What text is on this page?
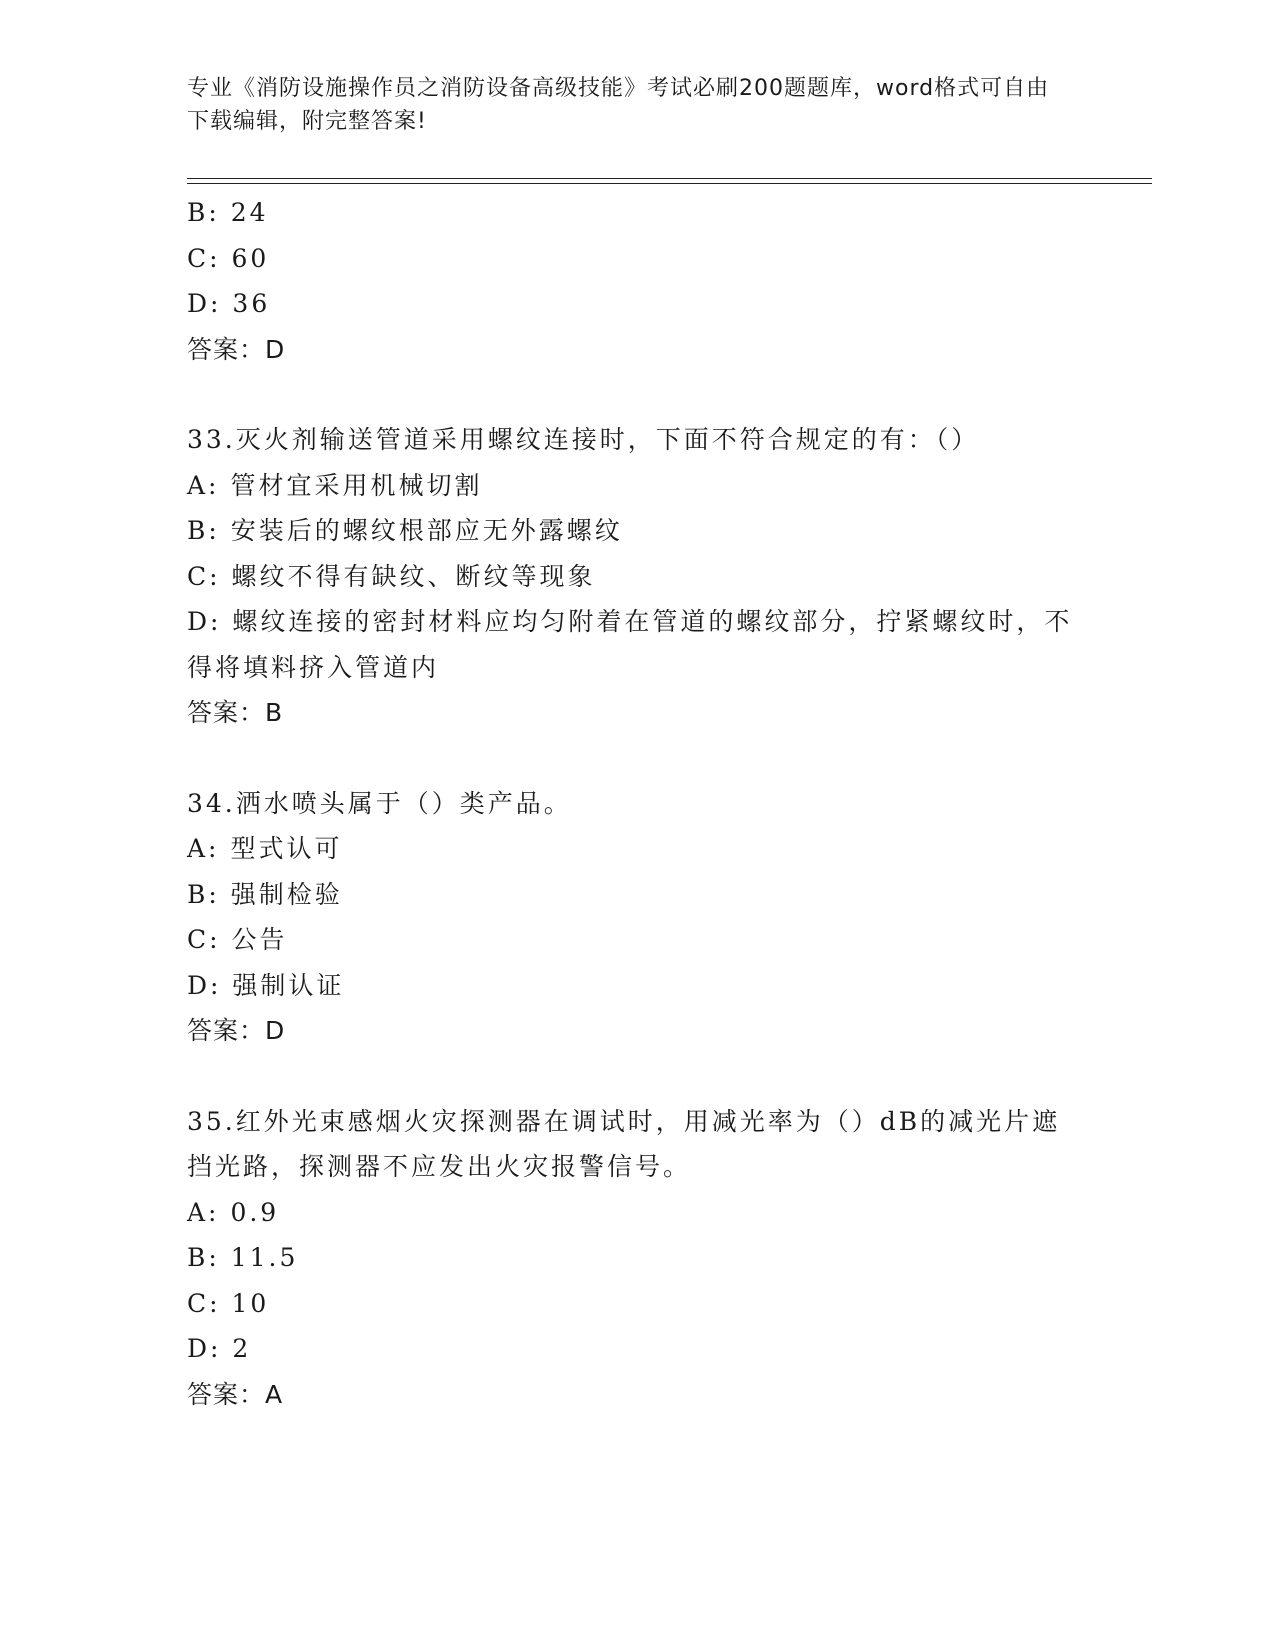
专业《消防设施操作员之消防设备高级技能》考试必刷200题题库，word格式可自由下载编辑，附完整答案!
B: 24
C: 60
D: 36
答案：D
33.灭火剂输送管道采用螺纹连接时，下面不符合规定的有：（）
A: 管材宜采用机械切割
B: 安装后的螺纹根部应无外露螺纹
C: 螺纹不得有缺纹、断纹等现象
D: 螺纹连接的密封材料应均匀附着在管道的螺纹部分，拧紧螺纹时，不得将填料挤入管道内
答案：B
34.洒水喷头属于（）类产品。
A: 型式认可
B: 强制检验
C: 公告
D: 强制认证
答案：D
35.红外光束感烟火灾探测器在调试时，用减光率为（）dB的减光片遮挡光路，探测器不应发出火灾报警信号。
A: 0.9
B: 11.5
C: 10
D: 2
答案：A
